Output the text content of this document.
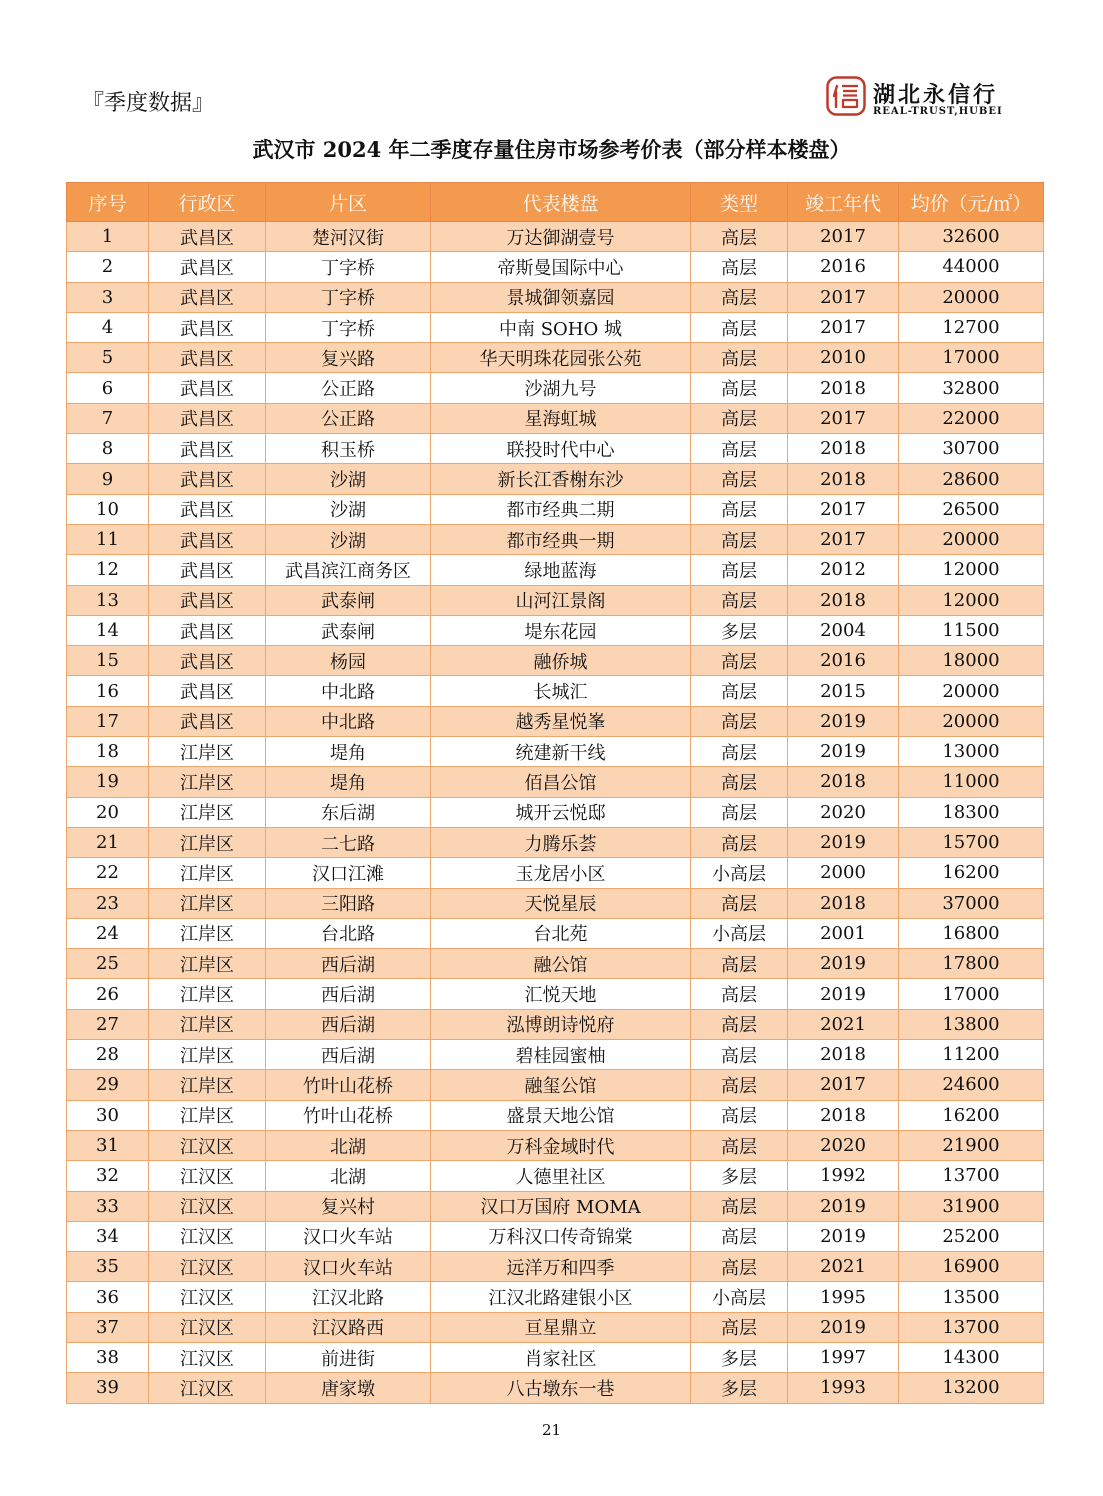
『季度数据』	湖北永信行
REAL-TRUST,HUBEI
武汉市 2024 年二季度存量住房市场参考价表（部分样本楼盘）
序号	行政区	片区	代表楼盘	类型	竣工年代	均价（元/㎡）
1	武昌区	楚河汉街	万达御湖壹号	高层	2017	32600
2	武昌区	丁字桥	帝斯曼国际中心	高层	2016	44000
3	武昌区	丁字桥	景城御领嘉园	高层	2017	20000
4	武昌区	丁字桥	中南 SOHO 城	高层	2017	12700
5	武昌区	复兴路	华天明珠花园张公苑	高层	2010	17000
6	武昌区	公正路	沙湖九号	高层	2018	32800
7	武昌区	公正路	星海虹城	高层	2017	22000
8	武昌区	积玉桥	联投时代中心	高层	2018	30700
9	武昌区	沙湖	新长江香榭东沙	高层	2018	28600
10	武昌区	沙湖	都市经典二期	高层	2017	26500
11	武昌区	沙湖	都市经典一期	高层	2017	20000
12	武昌区	武昌滨江商务区	绿地蓝海	高层	2012	12000
13	武昌区	武泰闸	山河江景阁	高层	2018	12000
14	武昌区	武泰闸	堤东花园	多层	2004	11500
15	武昌区	杨园	融侨城	高层	2016	18000
16	武昌区	中北路	长城汇	高层	2015	20000
17	武昌区	中北路	越秀星悦峯	高层	2019	20000
18	江岸区	堤角	统建新干线	高层	2019	13000
19	江岸区	堤角	佰昌公馆	高层	2018	11000
20	江岸区	东后湖	城开云悦邸	高层	2020	18300
21	江岸区	二七路	力腾乐荟	高层	2019	15700
22	江岸区	汉口江滩	玉龙居小区	小高层	2000	16200
23	江岸区	三阳路	天悦星辰	高层	2018	37000
24	江岸区	台北路	台北苑	小高层	2001	16800
25	江岸区	西后湖	融公馆	高层	2019	17800
26	江岸区	西后湖	汇悦天地	高层	2019	17000
27	江岸区	西后湖	泓博朗诗悦府	高层	2021	13800
28	江岸区	西后湖	碧桂园蜜柚	高层	2018	11200
29	江岸区	竹叶山花桥	融玺公馆	高层	2017	24600
30	江岸区	竹叶山花桥	盛景天地公馆	高层	2018	16200
31	江汉区	北湖	万科金域时代	高层	2020	21900
32	江汉区	北湖	人德里社区	多层	1992	13700
33	江汉区	复兴村	汉口万国府 MOMA	高层	2019	31900
34	江汉区	汉口火车站	万科汉口传奇锦棠	高层	2019	25200
35	江汉区	汉口火车站	远洋万和四季	高层	2021	16900
36	江汉区	江汉北路	江汉北路建银小区	小高层	1995	13500
37	江汉区	江汉路西	亘星鼎立	高层	2019	13700
38	江汉区	前进街	肖家社区	多层	1997	14300
39	江汉区	唐家墩	八古墩东一巷	多层	1993	13200
21
